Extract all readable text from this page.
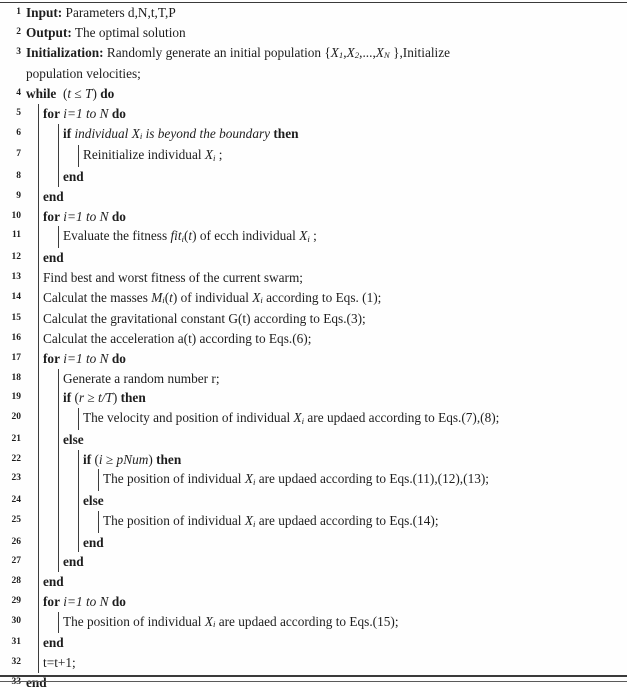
1 Input: Parameters d,N,t,T,P
2 Output: The optimal solution
3 Initialization: Randomly generate an initial population {X1,X2,...,XN },Initialize
population velocities;
4 while  (t ≤ T) do
5 for i=1 to N do
6	if individual Xi is beyond the boundary then
7	Reinitialize individual Xi ;
8	end
9 end
10 for i=1 to N do
11	Evaluate the fitness fiti(t) of ecch individual Xi ;
12 end
13 Find best and worst fitness of the current swarm;
14 Calculat the masses Mi(t) of individual Xi according to Eqs. (1);
15 Calculat the gravitational constant G(t) according to Eqs.(3);
16 Calculat the acceleration a(t) according to Eqs.(6);
17 for i=1 to N do
18	Generate a random number r;
19	if (r ≥ t/T) then
20	The velocity and position of individual Xi are updaed according to Eqs.(7),(8);
21	else
22	if (i ≥ pNum) then
23	The position of individual Xi are updaed according to Eqs.(11),(12),(13);
24	else
25	The position of individual Xi are updaed according to Eqs.(14);
26	end
27	end
28 end
29 for i=1 to N do
30	The position of individual Xi are updaed according to Eqs.(15);
31 end
32 t=t+1;
33 end
